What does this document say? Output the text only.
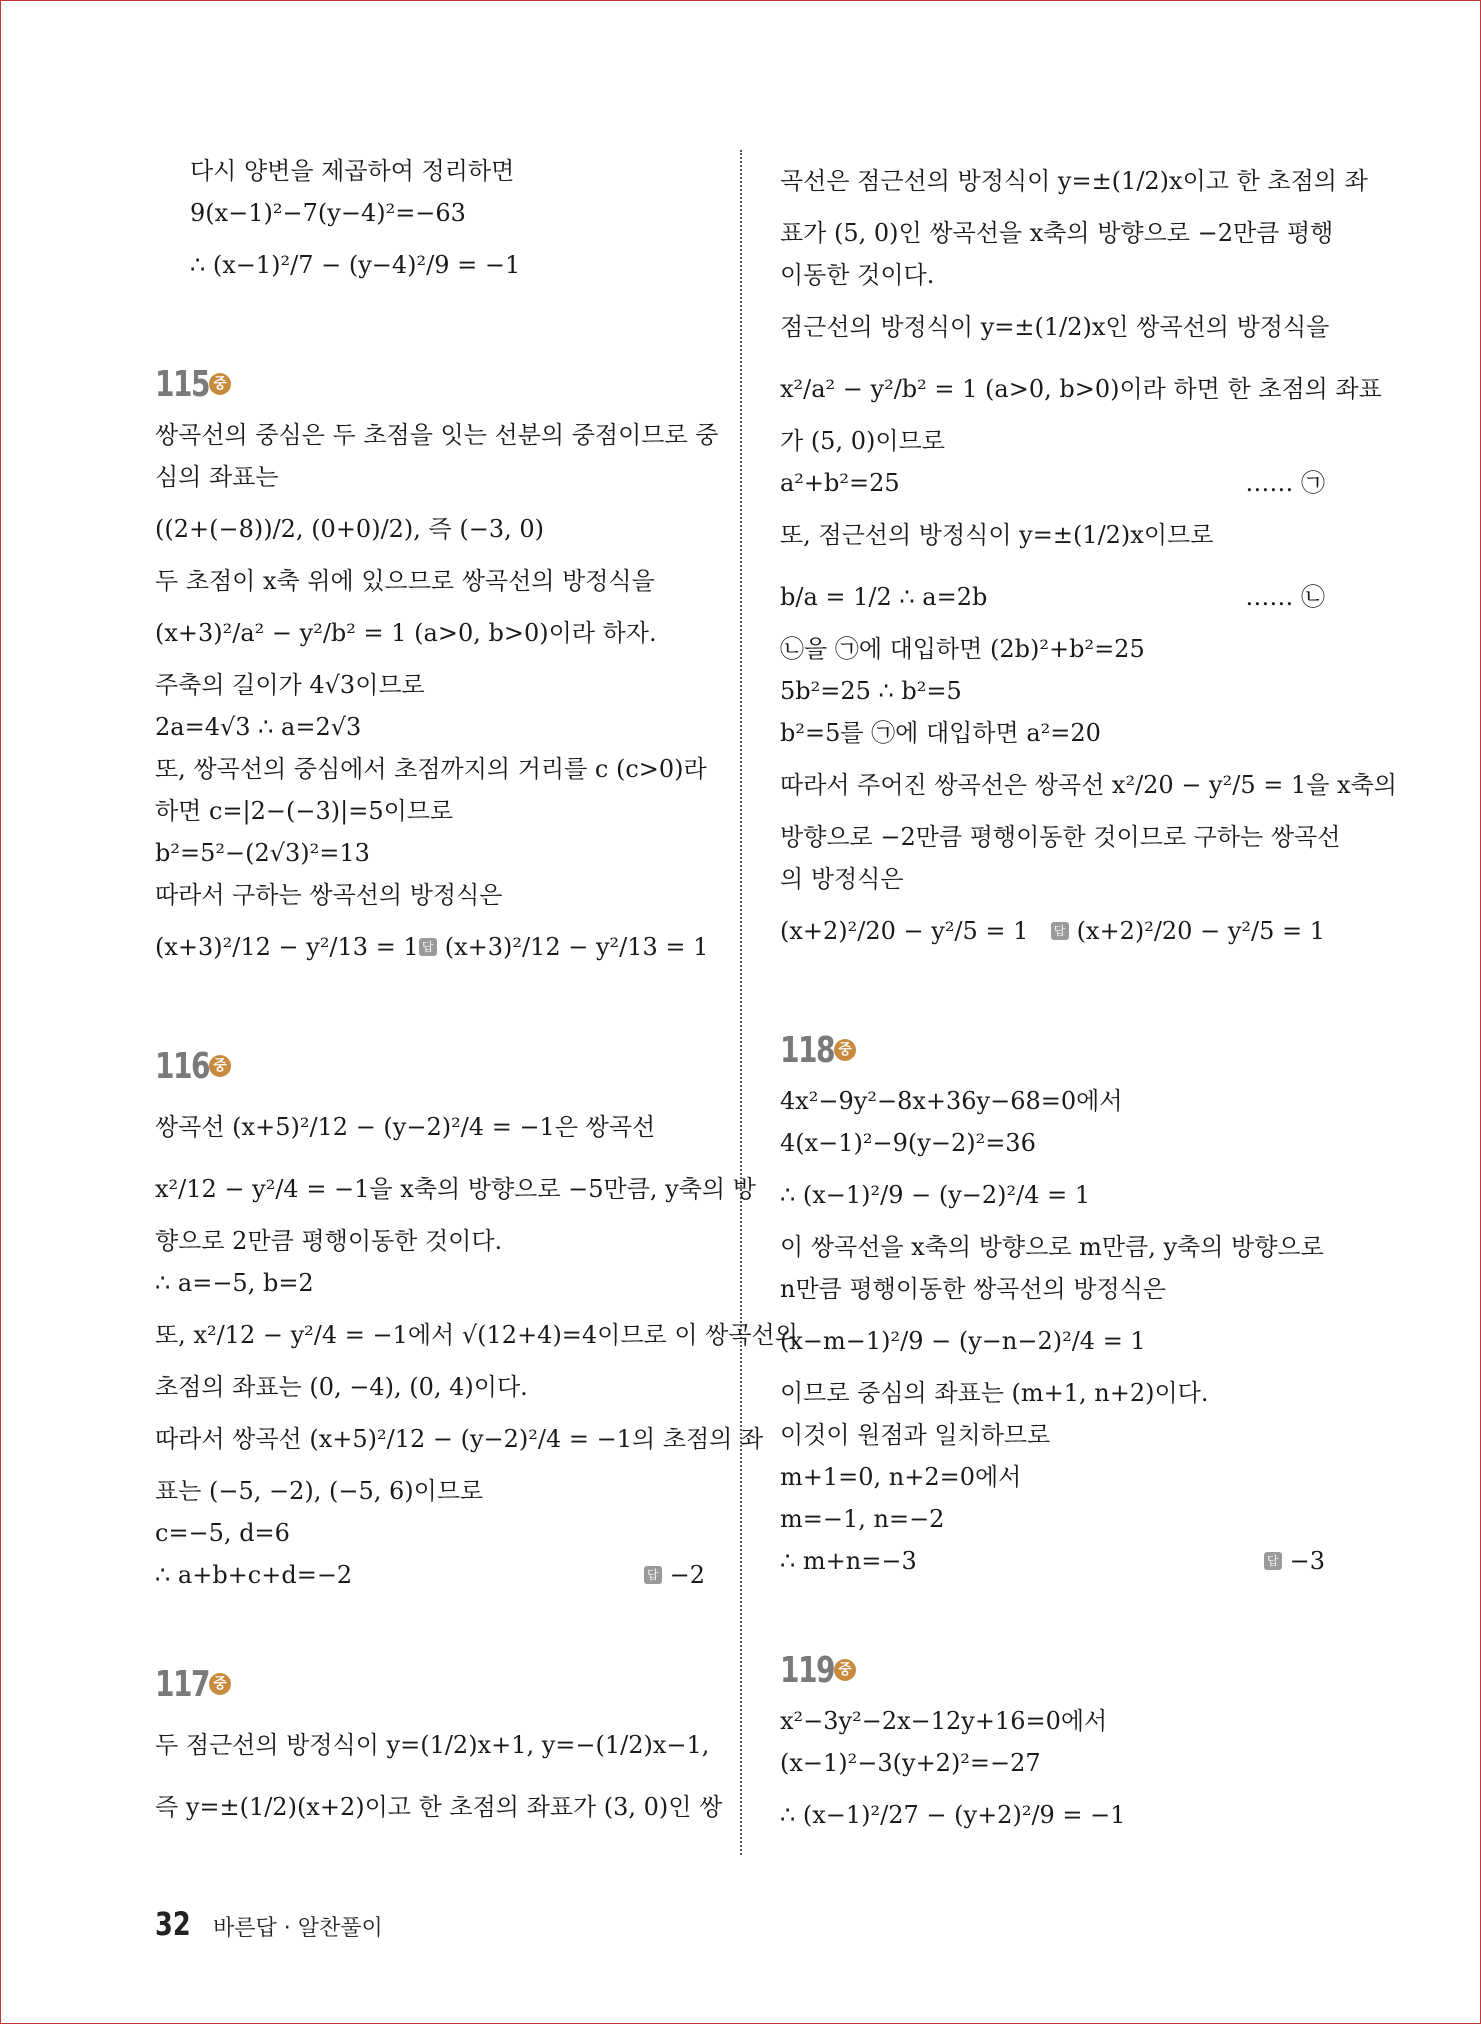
다시 양변을 제곱하여 정리하면
9(x−1)²−7(y−4)²=−63
∴ (x−1)²/7 − (y−4)²/9 = −1
115 중
쌍곡선의 중심은 두 초점을 잇는 선분의 중점이므로 중
심의 좌표는
((2+(−8))/2, (0+0)/2), 즉 (−3, 0)
두 초점이 x축 위에 있으므로 쌍곡선의 방정식을
(x+3)²/a² − y²/b² = 1 (a>0, b>0)이라 하자.
주축의 길이가 4√3이므로
2a=4√3 ∴ a=2√3
또, 쌍곡선의 중심에서 초점까지의 거리를 c (c>0)라
하면 c=|2−(−3)|=5이므로
b²=5²−(2√3)²=13
따라서 구하는 쌍곡선의 방정식은
(x+3)²/12 − y²/13 = 1 답 (x+3)²/12 − y²/13 = 1
116 중
쌍곡선 (x+5)²/12 − (y−2)²/4 = −1은 쌍곡선
x²/12 − y²/4 = −1을 x축의 방향으로 −5만큼, y축의 방
향으로 2만큼 평행이동한 것이다.
∴ a=−5, b=2
또, x²/12 − y²/4 = −1에서 √(12+4)=4이므로 이 쌍곡선의
초점의 좌표는 (0, −4), (0, 4)이다.
따라서 쌍곡선 (x+5)²/12 − (y−2)²/4 = −1의 초점의 좌
표는 (−5, −2), (−5, 6)이므로
c=−5, d=6
∴ a+b+c+d=−2	답 −2
117 중
두 점근선의 방정식이 y=(1/2)x+1, y=−(1/2)x−1,
즉 y=±(1/2)(x+2)이고 한 초점의 좌표가 (3, 0)인 쌍
곡선은 점근선의 방정식이 y=±(1/2)x이고 한 초점의 좌
표가 (5, 0)인 쌍곡선을 x축의 방향으로 −2만큼 평행
이동한 것이다.
점근선의 방정식이 y=±(1/2)x인 쌍곡선의 방정식을
x²/a² − y²/b² = 1 (a>0, b>0)이라 하면 한 초점의 좌표
가 (5, 0)이므로
a²+b²=25	…… ㉠
또, 점근선의 방정식이 y=±(1/2)x이므로
b/a = 1/2 ∴ a=2b	…… ㉡
㉡을 ㉠에 대입하면 (2b)²+b²=25
5b²=25 ∴ b²=5
b²=5를 ㉠에 대입하면 a²=20
따라서 주어진 쌍곡선은 쌍곡선 x²/20 − y²/5 = 1을 x축의
방향으로 −2만큼 평행이동한 것이므로 구하는 쌍곡선
의 방정식은
(x+2)²/20 − y²/5 = 1 답 (x+2)²/20 − y²/5 = 1
118 중
4x²−9y²−8x+36y−68=0에서
4(x−1)²−9(y−2)²=36
∴ (x−1)²/9 − (y−2)²/4 = 1
이 쌍곡선을 x축의 방향으로 m만큼, y축의 방향으로
n만큼 평행이동한 쌍곡선의 방정식은
(x−m−1)²/9 − (y−n−2)²/4 = 1
이므로 중심의 좌표는 (m+1, n+2)이다.
이것이 원점과 일치하므로
m+1=0, n+2=0에서
m=−1, n=−2
∴ m+n=−3	답 −3
119 중
x²−3y²−2x−12y+16=0에서
(x−1)²−3(y+2)²=−27
∴ (x−1)²/27 − (y+2)²/9 = −1
32 바른답 · 알찬풀이
